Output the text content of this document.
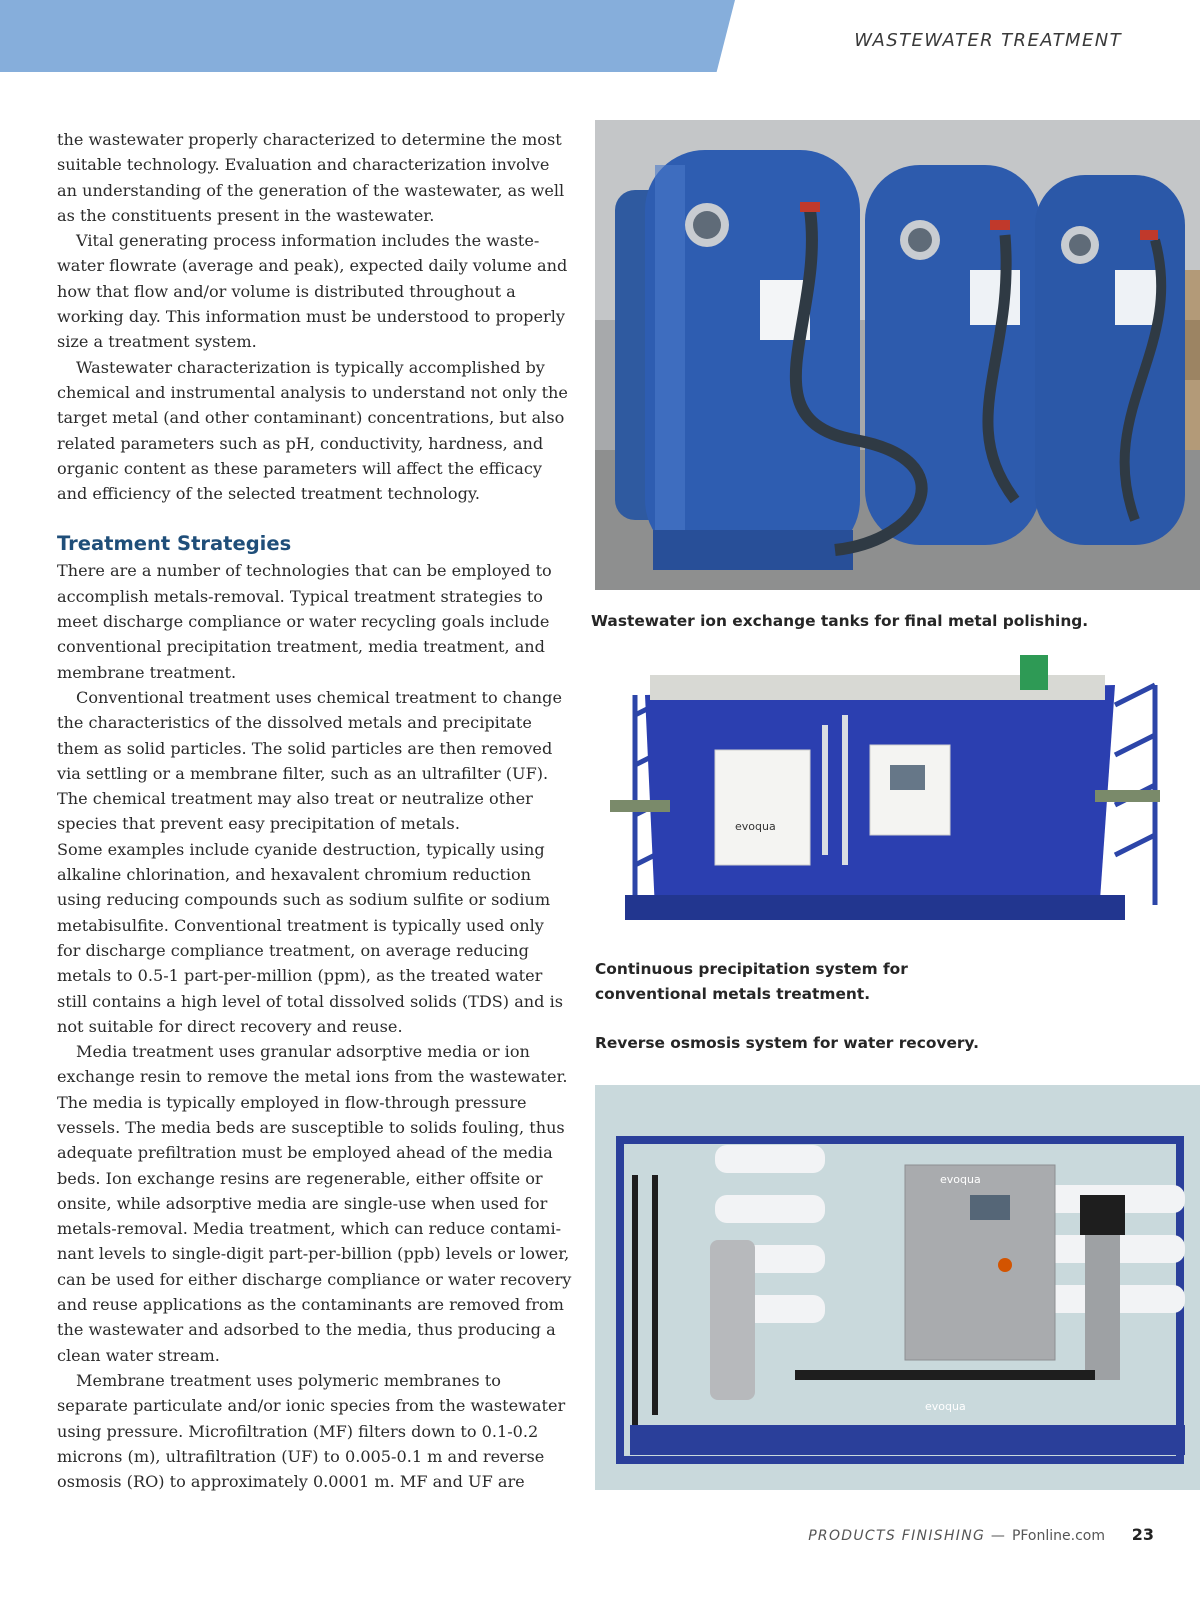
WASTEWATER TREATMENT

the wastewater properly characterized to determine the most suitable technology. Evaluation and characterization involve an understanding of the generation of the wastewater, as well as the constituents present in the wastewater.

Vital generating process information includes the waste-water flowrate (average and peak), expected daily volume and how that flow and/or volume is distributed throughout a working day. This information must be understood to properly size a treatment system.

Wastewater characterization is typically accomplished by chemical and instrumental analysis to understand not only the target metal (and other contaminant) concentrations, but also related parameters such as pH, conductivity, hardness, and organic content as these parameters will affect the efficacy and efficiency of the selected treatment technology.

Treatment Strategies

There are a number of technologies that can be employed to accomplish metals-removal. Typical treatment strategies to meet discharge compliance or water recycling goals include conventional precipitation treatment, media treatment, and membrane treatment.

Conventional treatment uses chemical treatment to change the characteristics of the dissolved metals and precipitate them as solid particles. The solid particles are then removed via settling or a membrane filter, such as an ultrafilter (UF). The chemical treatment may also treat or neutralize other species that prevent easy precipitation of metals.

Some examples include cyanide destruction, typically using alkaline chlorination, and hexavalent chromium reduction using reducing compounds such as sodium sulfite or sodium metabisulfite. Conventional treatment is typically used only for discharge compliance treatment, on average reducing metals to 0.5-1 part-per-million (ppm), as the treated water still contains a high level of total dissolved solids (TDS) and is not suitable for direct recovery and reuse.

Media treatment uses granular adsorptive media or ion exchange resin to remove the metal ions from the wastewater. The media is typically employed in flow-through pressure vessels. The media beds are susceptible to solids fouling, thus adequate prefiltration must be employed ahead of the media beds. Ion exchange resins are regenerable, either offsite or onsite, while adsorptive media are single-use when used for metals-removal. Media treatment, which can reduce contami-nant levels to single-digit part-per-billion (ppb) levels or lower, can be used for either discharge compliance or water recovery and reuse applications as the contaminants are removed from the wastewater and adsorbed to the media, thus producing a clean water stream.

Membrane treatment uses polymeric membranes to separate particulate and/or ionic species from the wastewater using pressure. Microfiltration (MF) filters down to 0.1-0.2 microns (m), ultrafiltration (UF) to 0.005-0.1 m and reverse osmosis (RO) to approximately 0.0001 m. MF and UF are

Wastewater ion exchange tanks for final metal polishing.
evoqua
Continuous precipitation system for
conventional metals treatment.
Reverse osmosis system for water recovery.
evoqua
evoqua
PRODUCTS FINISHING — PFonline.com 23
